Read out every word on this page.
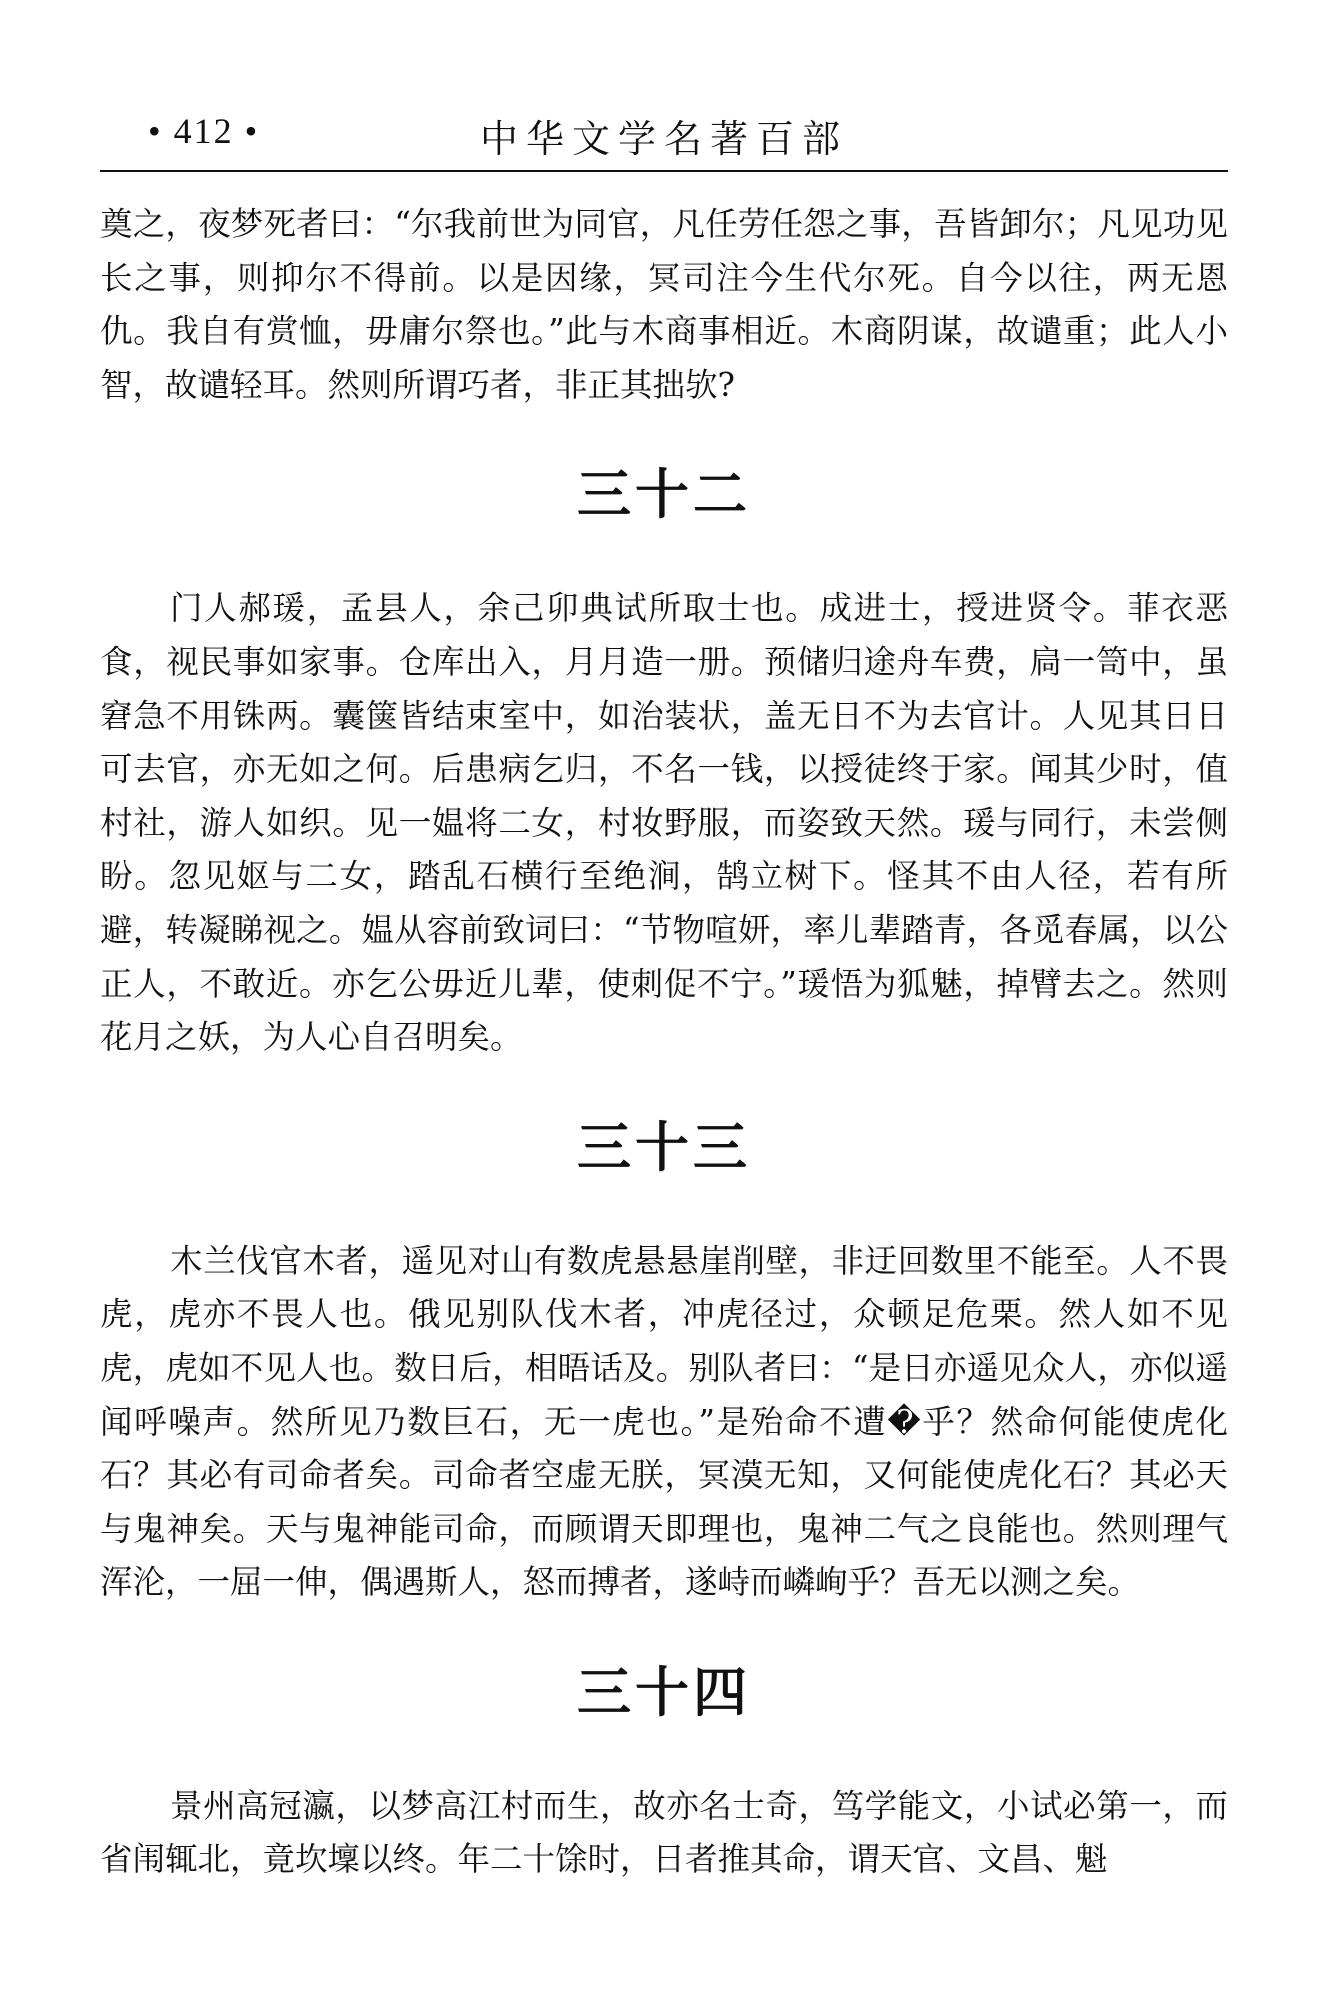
• 412 •	中华文学名著百部

奠之，夜梦死者曰：“尔我前世为同官，凡任劳任怨之事，吾皆卸尔；凡见功见长之事，则抑尔不得前。以是因缘，冥司注今生代尔死。自今以往，两无恩仇。我自有赏恤，毋庸尔祭也。”此与木商事相近。木商阴谋，故谴重；此人小智，故谴轻耳。然则所谓巧者，非正其拙欤?

三十二

门人郝瑗，孟县人，余己卯典试所取士也。成进士，授进贤令。菲衣恶食，视民事如家事。仓库出入，月月造一册。预储归途舟车费，扃一笥中，虽窘急不用铢两。囊箧皆结束室中，如治装状，盖无日不为去官计。人见其日日可去官，亦无如之何。后患病乞归，不名一钱，以授徒终于家。闻其少时，值村社，游人如织。见一媪将二女，村妆野服，而姿致天然。瑗与同行，未尝侧盼。忽见妪与二女，踏乱石横行至绝涧，鹄立树下。怪其不由人径，若有所避，转凝睇视之。媪从容前致词曰：“节物喧妍，率儿辈踏青，各觅春属，以公正人，不敢近。亦乞公毋近儿辈，使刺促不宁。”瑗悟为狐魅，掉臂去之。然则花月之妖，为人心自召明矣。

三十三

木兰伐官木者，遥见对山有数虎悬悬崖削壁，非迂回数里不能至。人不畏虎，虎亦不畏人也。俄见别队伐木者，冲虎径过，众顿足危栗。然人如不见虎，虎如不见人也。数日后，相晤话及。别队者曰：“是日亦遥见众人，亦似遥闻呼噪声。然所见乃数巨石，无一虎也。”是殆命不遭�乎？然命何能使虎化石？其必有司命者矣。司命者空虚无朕，冥漠无知，又何能使虎化石？其必天与鬼神矣。天与鬼神能司命，而顾谓天即理也，鬼神二气之良能也。然则理气浑沦，一屈一伸，偶遇斯人，怒而搏者，遂峙而嶙峋乎？吾无以测之矣。

三十四

景州高冠瀛，以梦高江村而生，故亦名士奇，笃学能文，小试必第一，而省闱辄北，竟坎壈以终。年二十馀时，日者推其命，谓天官、文昌、魁
